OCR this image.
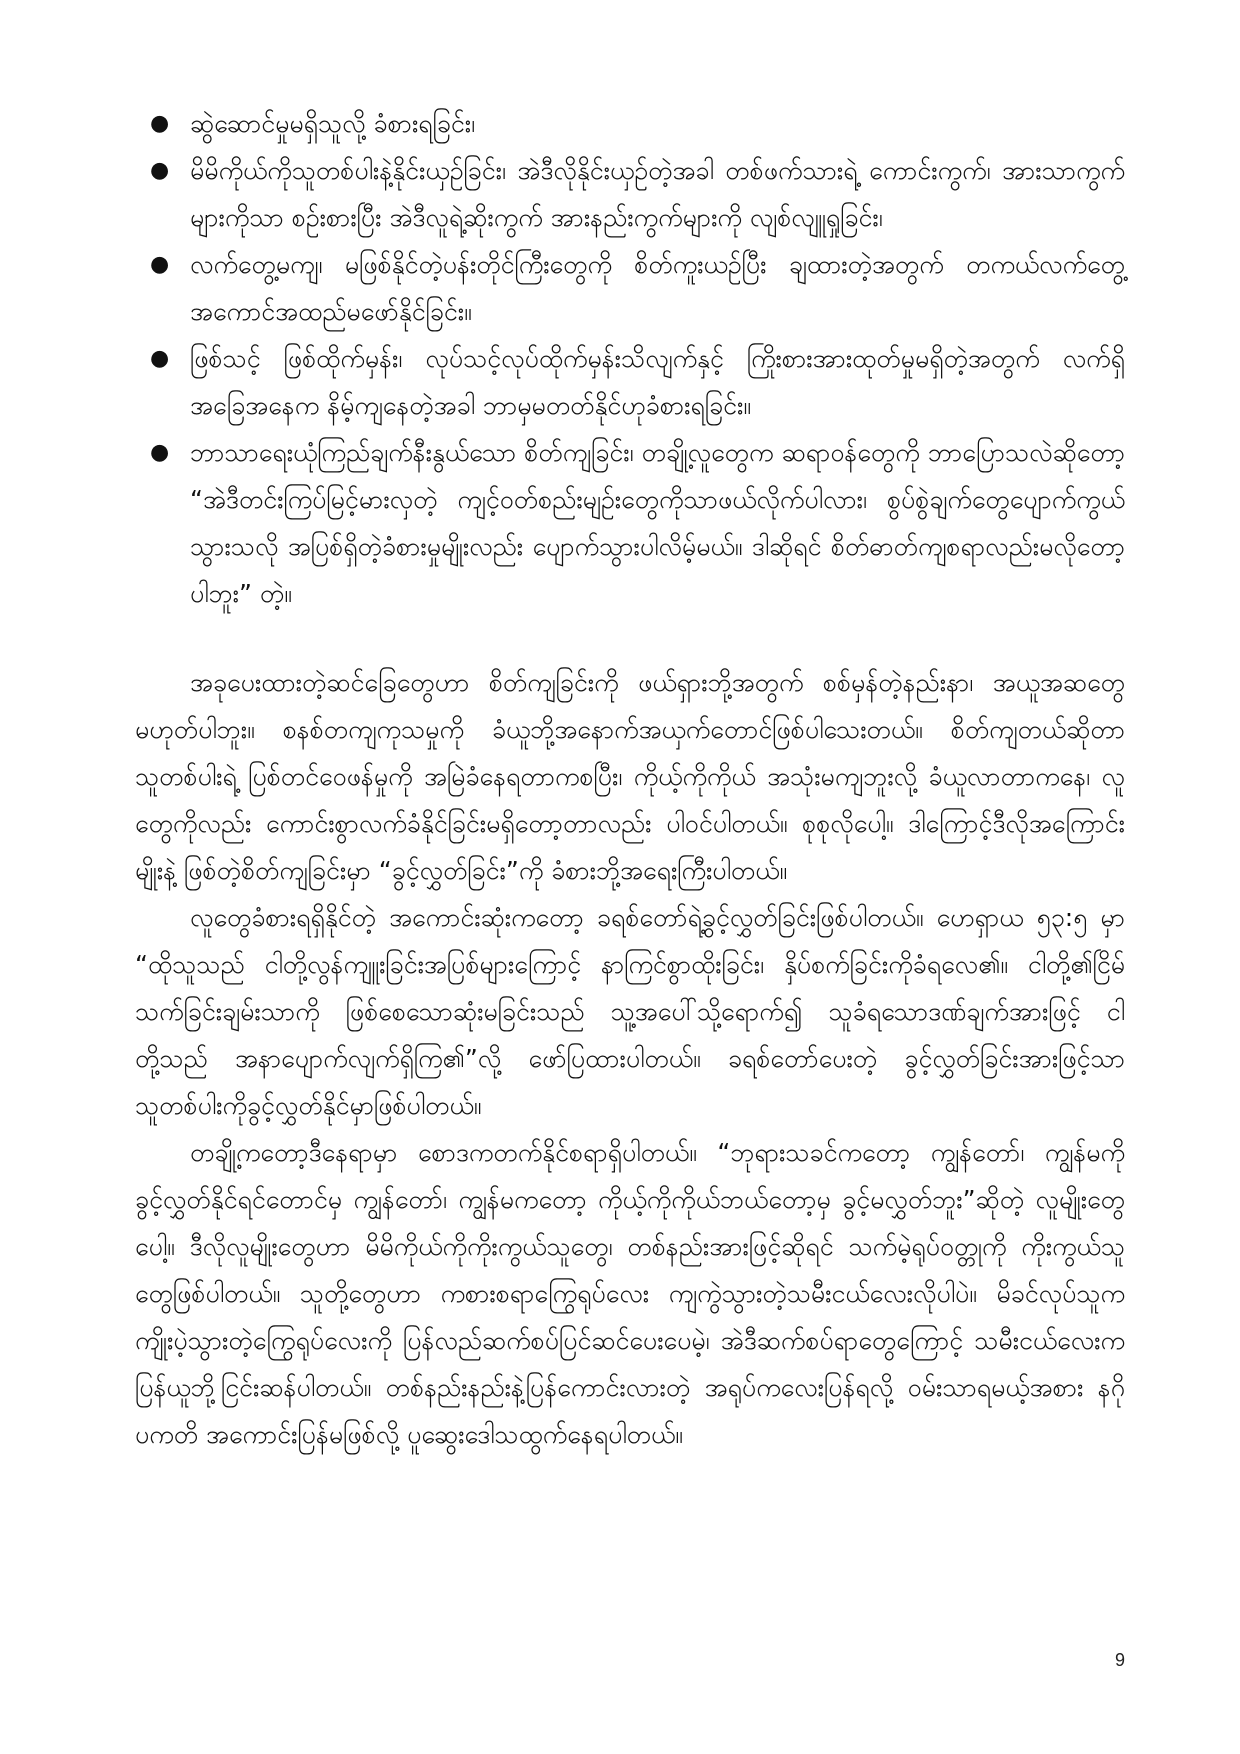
● ဆွဲဆောင်မှုမရှိသူလို့ ခံစားရခြင်း၊
● မိမိကိုယ်ကိုသူတစ်ပါးနဲ့နိုင်းယှဉ်ခြင်း၊ အဲဒီလိုနိုင်းယှဉ်တဲ့အခါ တစ်ဖက်သားရဲ့ ကောင်းကွက်၊ အားသာကွက်များကိုသာ စဉ်းစားပြီး အဲဒီလူရဲ့ဆိုးကွက် အားနည်းကွက်များကို လျစ်လျူရှုခြင်း၊
● လက်တွေ့မကျ၊ မဖြစ်နိုင်တဲ့ပန်းတိုင်ကြီးတွေကို စိတ်ကူးယဉ်ပြီး ချထားတဲ့အတွက် တကယ်လက်တွေ့ အကောင်အထည်မဖော်နိုင်ခြင်း။
● ဖြစ်သင့် ဖြစ်ထိုက်မှန်း၊ လုပ်သင့်လုပ်ထိုက်မှန်းသိလျက်နှင့် ကြိုးစားအားထုတ်မှုမရှိတဲ့အတွက် လက်ရှိအခြေအနေက နိမ့်ကျနေတဲ့အခါ ဘာမှမတတ်နိုင်ဟုခံစားရခြင်း။
● ဘာသာရေးယုံကြည်ချက်နီးနွယ်သော စိတ်ကျခြင်း၊ တချို့လူတွေက ဆရာဝန်တွေကို ဘာပြောသလဲဆိုတော့ “အဲဒီတင်းကြပ်မြင့်မားလှတဲ့ ကျင့်ဝတ်စည်းမျဉ်းတွေကိုသာဖယ်လိုက်ပါလား၊ စွပ်စွဲချက်တွေပျောက်ကွယ်သွားသလို အပြစ်ရှိတဲ့ခံစားမှုမျိုးလည်း ပျောက်သွားပါလိမ့်မယ်။ ဒါဆိုရင် စိတ်ဓာတ်ကျစရာလည်းမလိုတော့ပါဘူး” တဲ့။

အခုပေးထားတဲ့ဆင်ခြေတွေဟာ စိတ်ကျခြင်းကို ဖယ်ရှားဘို့အတွက် စစ်မှန်တဲ့နည်းနာ၊ အယူအဆတွေ မဟုတ်ပါဘူး။ စနစ်တကျကုသမှုကို ခံယူဘို့အနောက်အယှက်တောင်ဖြစ်ပါသေးတယ်။ စိတ်ကျတယ်ဆိုတာ သူတစ်ပါးရဲ့ ပြစ်တင်ဝေဖန်မှုကို အမြဲခံနေရတာကစပြီး၊ ကိုယ့်ကိုကိုယ် အသုံးမကျဘူးလို့ ခံယူလာတာကနေ၊ လူတွေကိုလည်း ကောင်းစွာလက်ခံနိုင်ခြင်းမရှိတော့တာလည်း ပါဝင်ပါတယ်။ စုစုလိုပေါ့။ ဒါကြောင့်ဒီလိုအကြောင်းမျိုးနဲ့ ဖြစ်တဲ့စိတ်ကျခြင်းမှာ “ခွင့်လွှတ်ခြင်း”ကို ခံစားဘို့အရေးကြီးပါတယ်။

လူတွေခံစားရရှိနိုင်တဲ့ အကောင်းဆုံးကတော့ ခရစ်တော်ရဲ့ခွင့်လွှတ်ခြင်းဖြစ်ပါတယ်။ ဟေရှာယ ၅၃:၅ မှာ “ထိုသူသည် ငါတို့လွန်ကျူးခြင်းအပြစ်များကြောင့် နာကြင်စွာထိုးခြင်း၊ နှိပ်စက်ခြင်းကိုခံရလေ၏။ ငါတို့၏ငြိမ်သက်ခြင်းချမ်းသာကို ဖြစ်စေသောဆုံးမခြင်းသည် သူ့အပေါ်သို့ရောက်၍ သူခံရသောဒဏ်ချက်အားဖြင့် ငါတို့သည် အနာပျောက်လျက်ရှိကြ၏”လို့ ဖော်ပြထားပါတယ်။ ခရစ်တော်ပေးတဲ့ ခွင့်လွှတ်ခြင်းအားဖြင့်သာ သူတစ်ပါးကိုခွင့်လွှတ်နိုင်မှာဖြစ်ပါတယ်။

တချို့ကတော့ဒီနေရာမှာ စောဒကတက်နိုင်စရာရှိပါတယ်။ “ဘုရားသခင်ကတော့ ကျွန်တော်၊ ကျွန်မကိုခွင့်လွှတ်နိုင်ရင်တောင်မှ ကျွန်တော်၊ ကျွန်မကတော့ ကိုယ့်ကိုကိုယ်ဘယ်တော့မှ ခွင့်မလွှတ်ဘူး”ဆိုတဲ့ လူမျိုးတွေပေါ့။ ဒီလိုလူမျိုးတွေဟာ မိမိကိုယ်ကိုကိုးကွယ်သူတွေ၊ တစ်နည်းအားဖြင့်ဆိုရင် သက်မဲ့ရုပ်ဝတ္တုကို ကိုးကွယ်သူတွေဖြစ်ပါတယ်။ သူတို့တွေဟာ ကစားစရာကြွေရုပ်လေး ကျကွဲသွားတဲ့သမီးငယ်လေးလိုပါပဲ။ မိခင်လုပ်သူက ကျိုးပဲ့သွားတဲ့ကြွေရုပ်လေးကို ပြန်လည်ဆက်စပ်ပြင်ဆင်ပေးပေမဲ့၊ အဲဒီဆက်စပ်ရာတွေကြောင့် သမီးငယ်လေးက ပြန်ယူဘို့ငြင်းဆန်ပါတယ်။ တစ်နည်းနည်းနဲ့ပြန်ကောင်းလားတဲ့ အရုပ်ကလေးပြန်ရလို့ ဝမ်းသာရမယ့်အစား နဂိုပကတိ အကောင်းပြန်မဖြစ်လို့ ပူဆွေးဒေါသထွက်နေရပါတယ်။

9
